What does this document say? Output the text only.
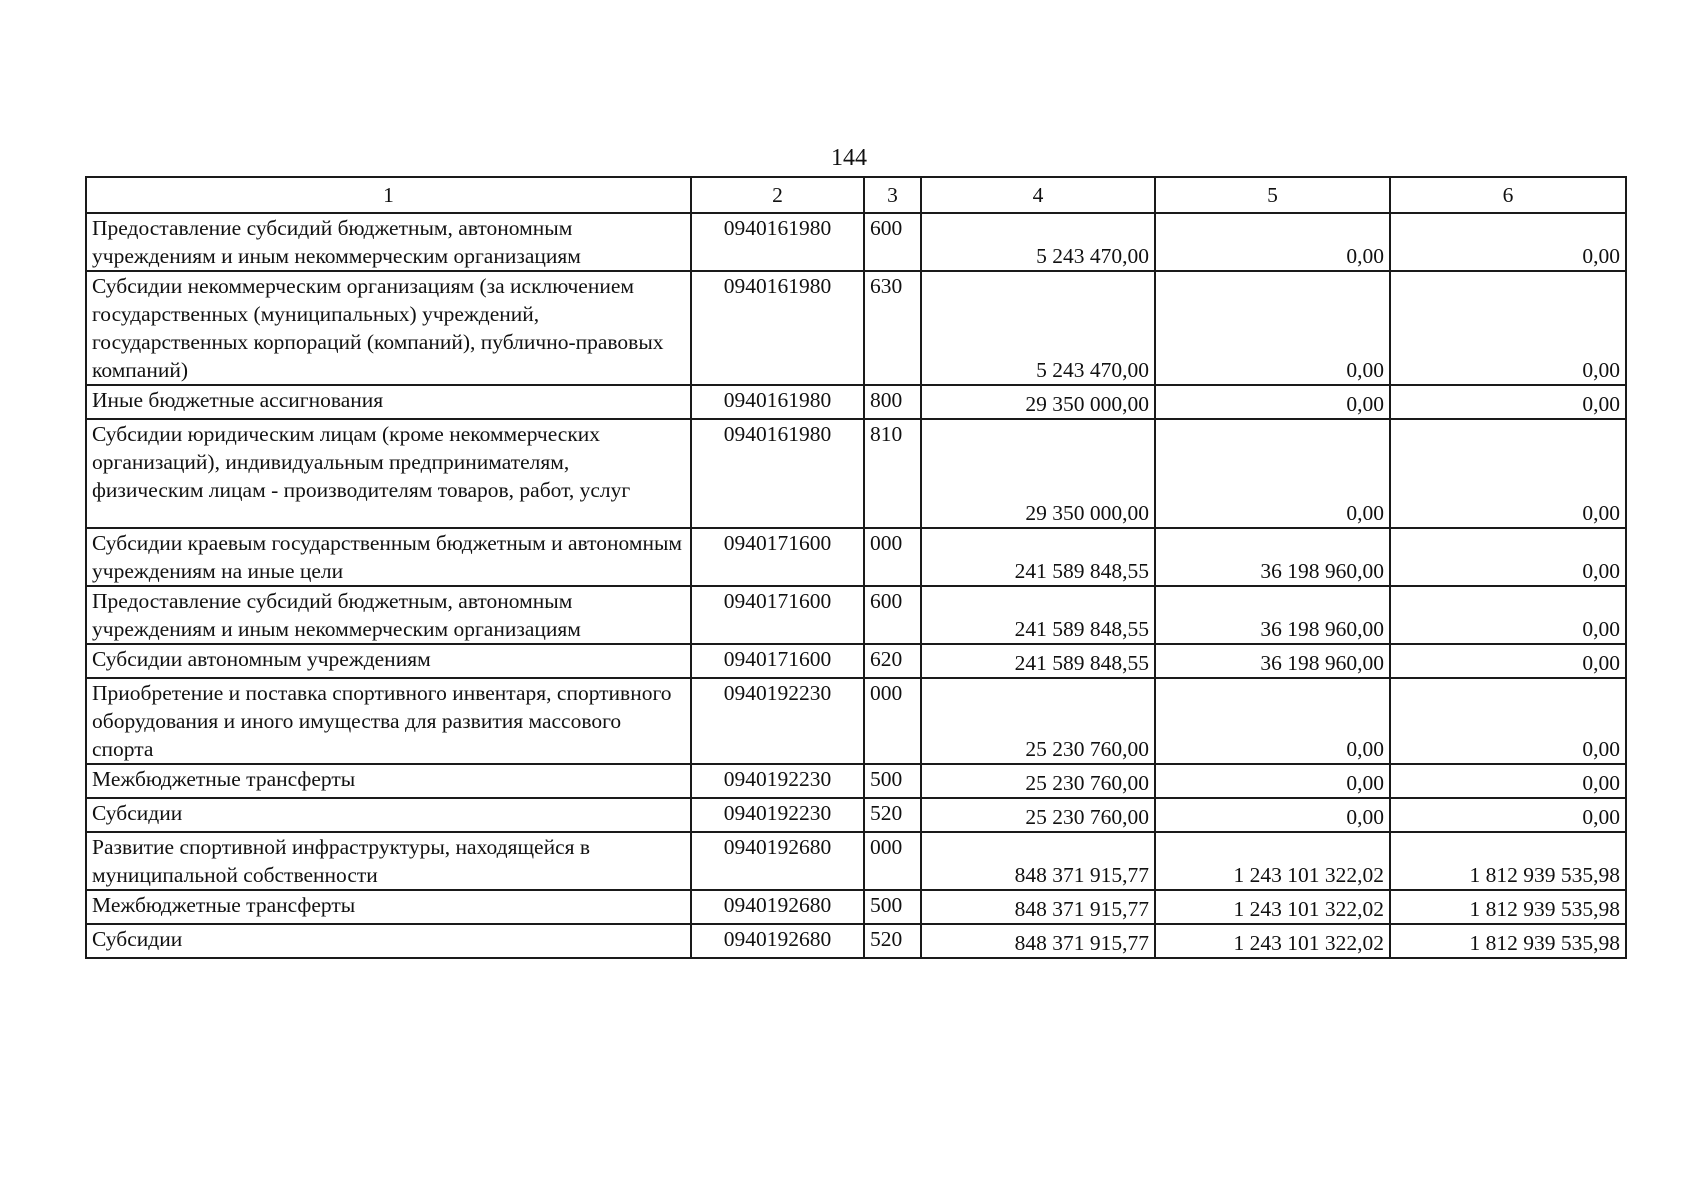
144
1	2	3	4	5	6
Предоставление субсидий бюджетным, автономным учреждениям и иным некоммерческим организациям	0940161980	600	5 243 470,00	0,00	0,00
Субсидии некоммерческим организациям (за исключением государственных (муниципальных) учреждений, государственных корпораций (компаний), публично-правовых компаний)	0940161980	630	5 243 470,00	0,00	0,00
Иные бюджетные ассигнования	0940161980	800	29 350 000,00	0,00	0,00
Субсидии юридическим лицам (кроме некоммерческих организаций), индивидуальным предпринимателям, физическим лицам - производителям товаров, работ, услуг	0940161980	810	29 350 000,00	0,00	0,00
Субсидии краевым государственным бюджетным и автономным учреждениям на иные цели	0940171600	000	241 589 848,55	36 198 960,00	0,00
Предоставление субсидий бюджетным, автономным учреждениям и иным некоммерческим организациям	0940171600	600	241 589 848,55	36 198 960,00	0,00
Субсидии автономным учреждениям	0940171600	620	241 589 848,55	36 198 960,00	0,00
Приобретение и поставка спортивного инвентаря, спортивного оборудования и иного имущества для развития массового спорта	0940192230	000	25 230 760,00	0,00	0,00
Межбюджетные трансферты	0940192230	500	25 230 760,00	0,00	0,00
Субсидии	0940192230	520	25 230 760,00	0,00	0,00
Развитие спортивной инфраструктуры, находящейся в муниципальной собственности	0940192680	000	848 371 915,77	1 243 101 322,02	1 812 939 535,98
Межбюджетные трансферты	0940192680	500	848 371 915,77	1 243 101 322,02	1 812 939 535,98
Субсидии	0940192680	520	848 371 915,77	1 243 101 322,02	1 812 939 535,98
